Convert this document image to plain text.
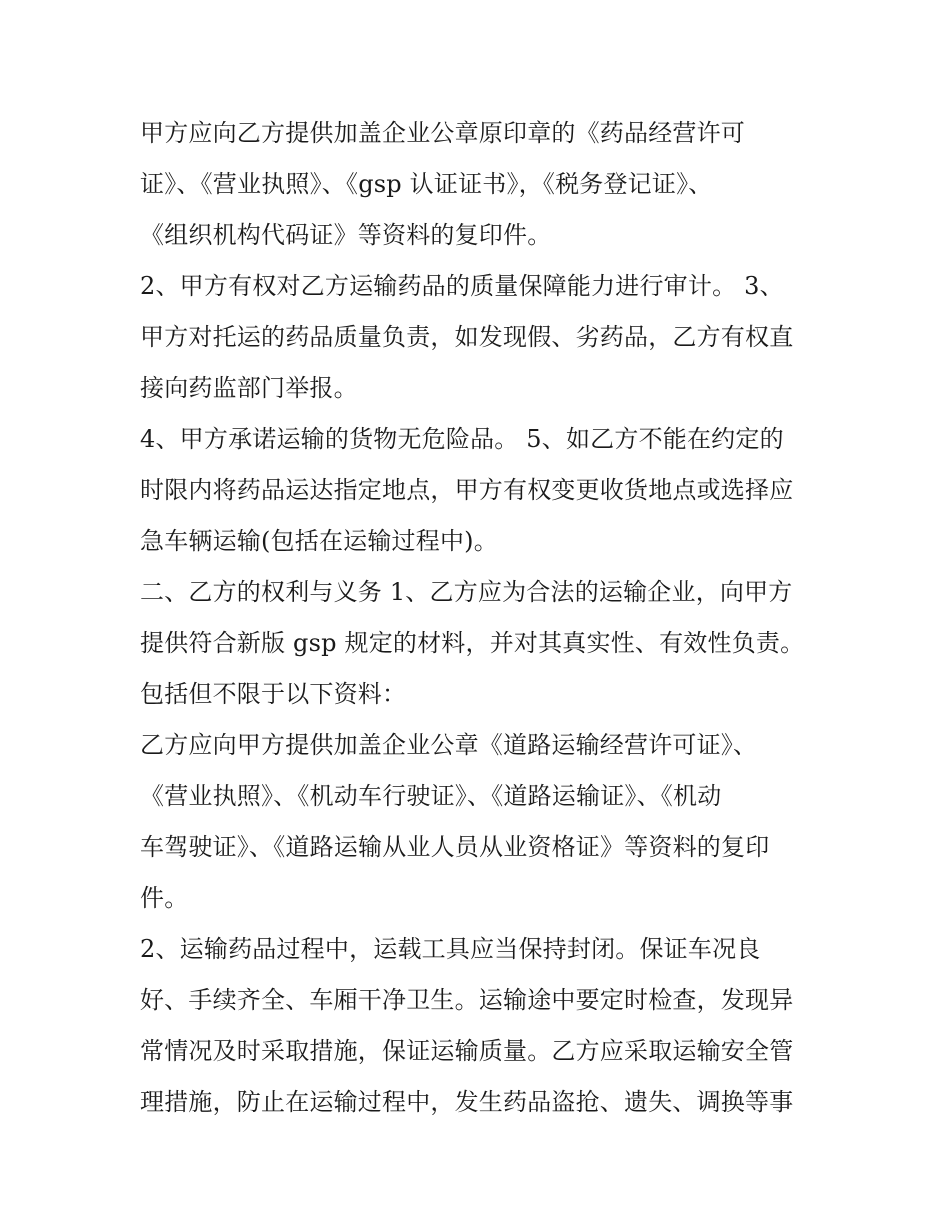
甲方应向乙方提供加盖企业公章原印章的《药品经营许可
证》、《营业执照》、《gsp 认证证书》，《税务登记证》、
《组织机构代码证》等资料的复印件。
2、甲方有权对乙方运输药品的质量保障能力进行审计。 3、
甲方对托运的药品质量负责，如发现假、劣药品，乙方有权直
接向药监部门举报。
4、甲方承诺运输的货物无危险品。 5、如乙方不能在约定的
时限内将药品运达指定地点，甲方有权变更收货地点或选择应
急车辆运输(包括在运输过程中)。
二、乙方的权利与义务 1、乙方应为合法的运输企业，向甲方
提供符合新版 gsp 规定的材料，并对其真实性、有效性负责。
包括但不限于以下资料：
乙方应向甲方提供加盖企业公章《道路运输经营许可证》、
《营业执照》、《机动车行驶证》、《道路运输证》、《机动
车驾驶证》、《道路运输从业人员从业资格证》等资料的复印
件。
2、运输药品过程中，运载工具应当保持封闭。保证车况良
好、手续齐全、车厢干净卫生。运输途中要定时检查，发现异
常情况及时采取措施，保证运输质量。乙方应采取运输安全管
理措施，防止在运输过程中，发生药品盗抢、遗失、调换等事
